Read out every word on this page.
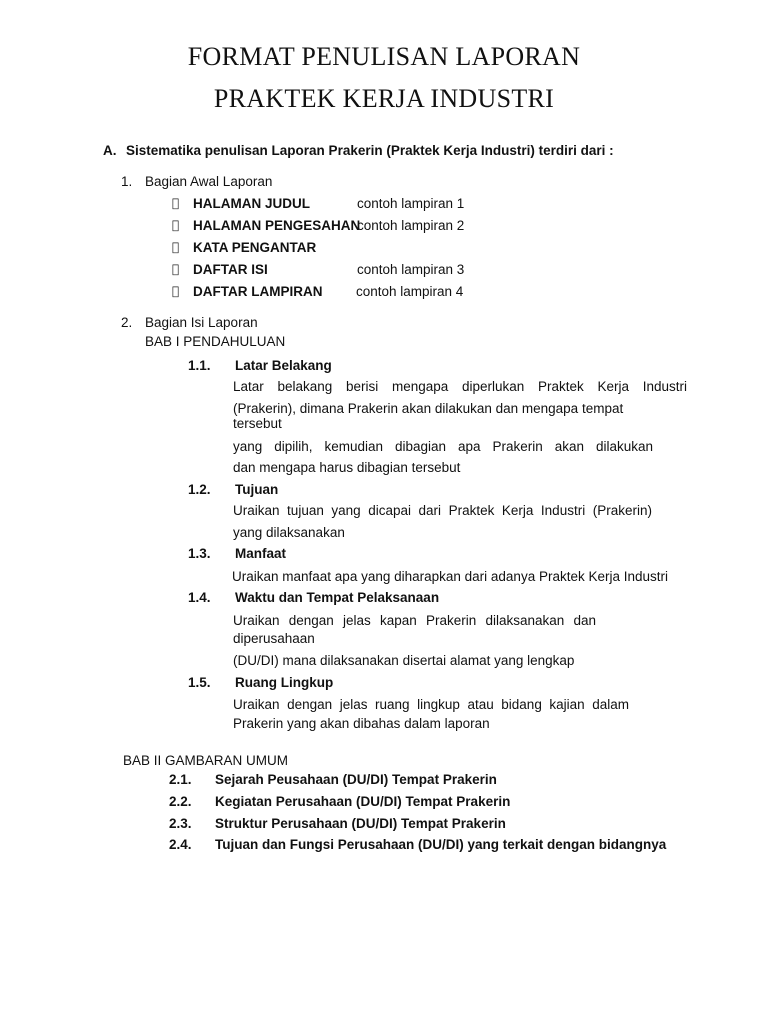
FORMAT PENULISAN LAPORAN
PRAKTEK KERJA INDUSTRI
A. Sistematika penulisan Laporan Prakerin (Praktek Kerja Industri) terdiri dari :
1. Bagian Awal Laporan
HALAMAN JUDUL	contoh lampiran 1
HALAMAN PENGESAHAN
contoh lampiran 2
KATA PENGANTAR
DAFTAR ISI	contoh lampiran 3
DAFTAR LAMPIRAN contoh lampiran 4
2. Bagian Isi Laporan
BAB I PENDAHULUAN
1.1. Latar Belakang
Latar belakang berisi mengapa diperlukan Praktek Kerja Industri
(Prakerin), dimana Prakerin akan dilakukan dan mengapa tempat
tersebut
yang dipilih, kemudian dibagian apa Prakerin akan dilakukan
dan mengapa harus dibagian tersebut
1.2. Tujuan
Uraikan tujuan yang dicapai dari Praktek Kerja Industri (Prakerin)
yang dilaksanakan
1.3. Manfaat
Uraikan manfaat apa yang diharapkan dari adanya Praktek Kerja Industri
1.4. Waktu dan Tempat Pelaksanaan
Uraikan dengan jelas kapan Prakerin dilaksanakan dan
diperusahaan
(DU/DI) mana dilaksanakan disertai alamat yang lengkap
1.5. Ruang Lingkup
Uraikan dengan jelas ruang lingkup atau bidang kajian dalam
Prakerin yang akan dibahas dalam laporan
BAB II GAMBARAN UMUM
2.1. Sejarah Peusahaan (DU/DI) Tempat Prakerin
2.2. Kegiatan Perusahaan (DU/DI) Tempat Prakerin
2.3. Struktur Perusahaan (DU/DI) Tempat Prakerin
2.4. Tujuan dan Fungsi Perusahaan (DU/DI) yang terkait dengan bidangnya
